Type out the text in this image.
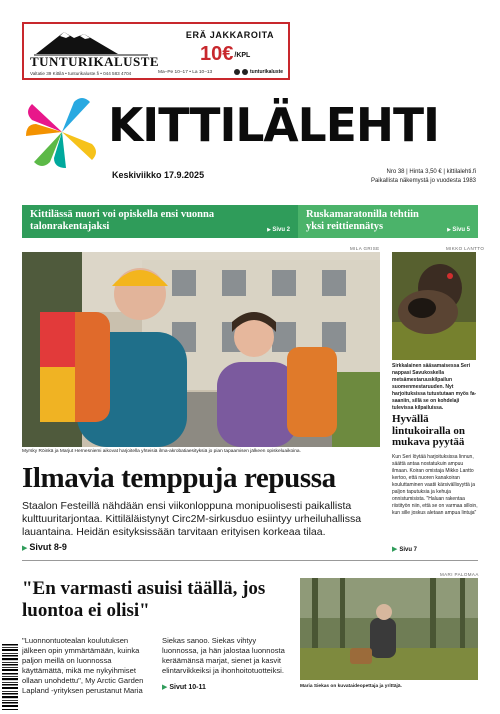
TUNTURIKALUSTE
Valtatie 39 Kittilä • tunturikaluste.fi • 044 583 4704
ERÄ JAKKAROITA
10€/KPL
Ma–Pe 10–17 • La 10–13	tunturikaluste
KITTILÄLEHTI
Keskiviikko 17.9.2025	Nro 38 | Hinta 3,50 € | kittilalehti.fi
Paikallista näkemystä jo vuodesta 1983
Kittilässä nuori voi opiskella ensi vuonna talonrakentajaksi	▶ Sivu 2
Ruskamaratonilla tehtiin yksi reittiennätys	▶ Sivu 5
MILA GRISE
Myrsky Röinkä ja Marjut Hernesniemi aikovat harjoitella yhteisiä ilma-akrobatiaesityksiä jo pian tapaamisen jälkeen opiskeluaikoina.
Ilmavia temppuja repussa
Staalon Festeillä nähdään ensi viikonloppuna monipuolisesti paikallista kulttuuritarjontaa. Kittiläläistynyt Circ2M-sirkusduo esiintyy urheiluhallissa lauantaina. Heidän esityksissään tarvitaan erityisen korkeaa tilaa.
▶ Sivut 8-9
MIKKO LANTTO
Sirkkalainen sääsamaisessa Seri nappasi Savukoskella metsämestaruuskilpailun suomenmestaruuden. Nyt harjoituksissa tutustutaan myös fasaaniin, sillä se on kohdelaji tulevissa kilpailuissa.
Hyvällä lintukoiralla on mukava pyytää
Kun Seri löytää harjoituksissa linnun, säättä antaa nostatukuin ampuu ilmaan. Koiran omistaja Mikko Lantto kertoo, että nuoren kanakoiran kouluttaminen vaatii kärsivällisyyttä ja paljon taputuksia ja kehuja onnistumisista. "Haluan rakentaa riistityön niin, että se on varmaa silloin, kun sille joskus aletaan ampua lintuja"
▶ Sivu 7
"En varmasti asuisi täällä, jos luontoa ei olisi"
"Luonnontuotealan koulutuksen jälkeen opin ymmärtämään, kuinka paljon meillä on luonnossa käyttämättä, mikä me nykyihmiset ollaan unohdettu", My Arctic Garden Lapland -yrityksen perustanut Maria
Siekas sanoo. Siekas vihtyy luonnossa, ja hän jalostaa luonnosta keräämänsä marjat, sienet ja kasvit elintarvikkeiksi ja ihonhoitotuotteiksi.
▶ Sivut 10-11
MARI PALOMAA
Maria Siekas on kuvataideopettaja ja yrittäjä.
